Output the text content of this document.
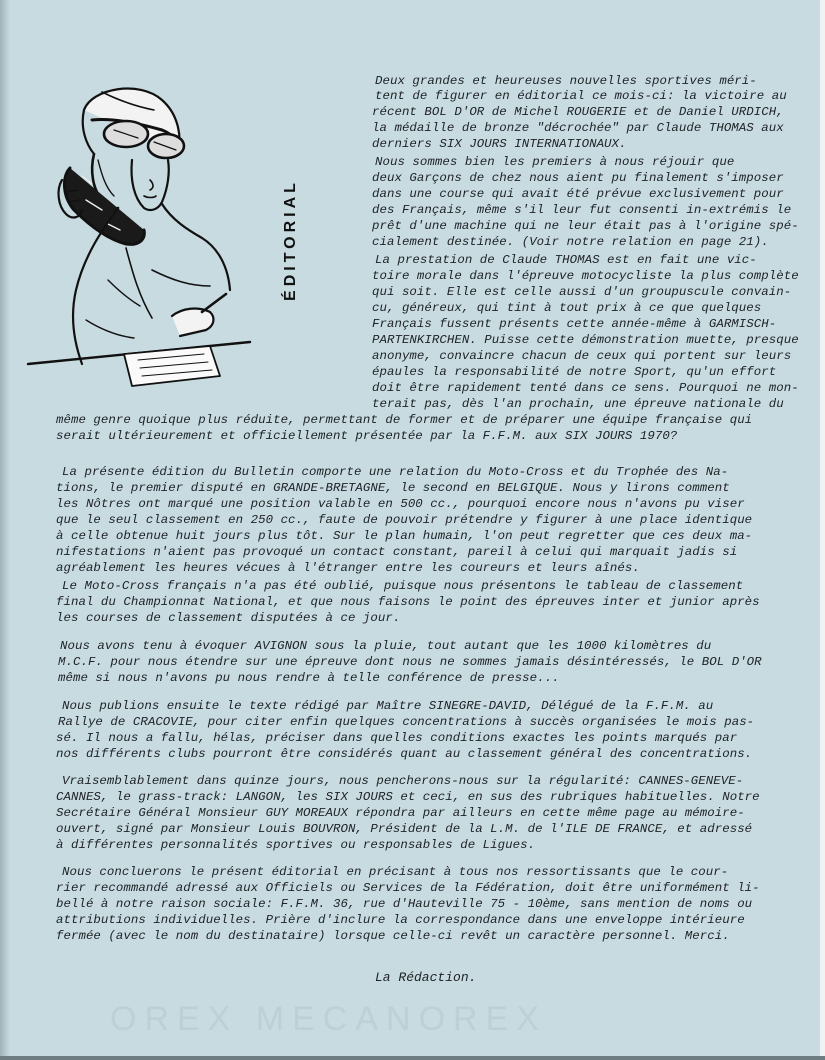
ÉDITORIAL
Deux grandes et heureuses nouvelles sportives méri-
tent de figurer en éditorial ce mois-ci: la victoire au
récent BOL D'OR de Michel ROUGERIE et de Daniel URDICH,
la médaille de bronze "décrochée" par Claude THOMAS aux
derniers SIX JOURS INTERNATIONAUX.
Nous sommes bien les premiers à nous réjouir que
deux Garçons de chez nous aient pu finalement s'imposer
dans une course qui avait été prévue exclusivement pour
des Français, même s'il leur fut consenti in-extrémis le
prêt d'une machine qui ne leur était pas à l'origine spé-
cialement destinée. (Voir notre relation en page 21).
La prestation de Claude THOMAS est en fait une vic-
toire morale dans l'épreuve motocycliste la plus complète
qui soit. Elle est celle aussi d'un groupuscule convain-
cu, généreux, qui tint à tout prix à ce que quelques
Français fussent présents cette année-même à GARMISCH-
PARTENKIRCHEN. Puisse cette démonstration muette, presque
anonyme, convaincre chacun de ceux qui portent sur leurs
épaules la responsabilité de notre Sport, qu'un effort
doit être rapidement tenté dans ce sens. Pourquoi ne mon-
terait pas, dès l'an prochain, une épreuve nationale du
même genre quoique plus réduite, permettant de former et de préparer une équipe française qui
serait ultérieurement et officiellement présentée par la F.F.M. aux SIX JOURS 1970?
La présente édition du Bulletin comporte une relation du Moto-Cross et du Trophée des Na-
tions, le premier disputé en GRANDE-BRETAGNE, le second en BELGIQUE. Nous y lirons comment
les Nôtres ont marqué une position valable en 500 cc., pourquoi encore nous n'avons pu viser
que le seul classement en 250 cc., faute de pouvoir prétendre y figurer à une place identique
à celle obtenue huit jours plus tôt. Sur le plan humain, l'on peut regretter que ces deux ma-
nifestations n'aient pas provoqué un contact constant, pareil à celui qui marquait jadis si
agréablement les heures vécues à l'étranger entre les coureurs et leurs aînés.
Le Moto-Cross français n'a pas été oublié, puisque nous présentons le tableau de classement
final du Championnat National, et que nous faisons le point des épreuves inter et junior après
les courses de classement disputées à ce jour.
Nous avons tenu à évoquer AVIGNON sous la pluie, tout autant que les 1000 kilomètres du
M.C.F. pour nous étendre sur une épreuve dont nous ne sommes jamais désintéressés, le BOL D'OR
même si nous n'avons pu nous rendre à telle conférence de presse...
Nous publions ensuite le texte rédigé par Maître SINEGRE-DAVID, Délégué de la F.F.M. au
Rallye de CRACOVIE, pour citer enfin quelques concentrations à succès organisées le mois pas-
sé. Il nous a fallu, hélas, préciser dans quelles conditions exactes les points marqués par
nos différents clubs pourront être considérés quant au classement général des concentrations.
Vraisemblablement dans quinze jours, nous pencherons-nous sur la régularité: CANNES-GENEVE-
CANNES, le grass-track: LANGON, les SIX JOURS et ceci, en sus des rubriques habituelles. Notre
Secrétaire Général Monsieur GUY MOREAUX répondra par ailleurs en cette même page au mémoire-
ouvert, signé par Monsieur Louis BOUVRON, Président de la L.M. de l'ILE DE FRANCE, et adressé
à différentes personnalités sportives ou responsables de Ligues.
Nous concluerons le présent éditorial en précisant à tous nos ressortissants que le cour-
rier recommandé adressé aux Officiels ou Services de la Fédération, doit être uniformément li-
bellé à notre raison sociale: F.F.M. 36, rue d'Hauteville 75 - 10ème, sans mention de noms ou
attributions individuelles. Prière d'inclure la correspondance dans une enveloppe intérieure
fermée (avec le nom du destinataire) lorsque celle-ci revêt un caractère personnel. Merci.
La Rédaction.
OREX MECANOREX
